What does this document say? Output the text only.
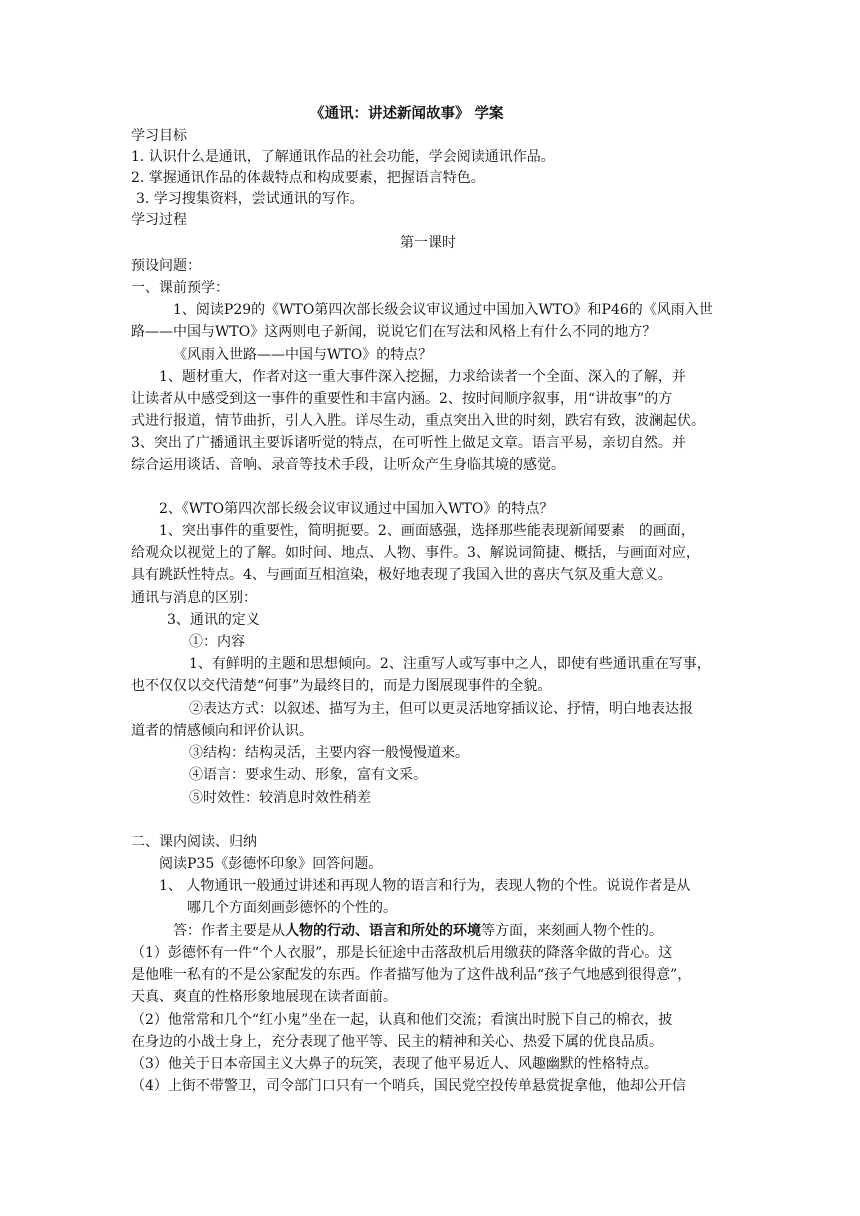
《通讯：讲述新闻故事》 学案

学习目标

1. 认识什么是通讯，了解通讯作品的社会功能，学会阅读通讯作品。

2. 掌握通讯作品的体裁特点和构成要素，把握语言特色。

3. 学习搜集资料，尝试通讯的写作。

学习过程

第一课时

预设问题：

一、课前预学：

1、阅读P29的《WTO第四次部长级会议审议通过中国加入WTO》和P46的《风雨入世

路——中国与WTO》这两则电子新闻，说说它们在写法和风格上有什么不同的地方？

《风雨入世路——中国与WTO》的特点？

1、题材重大，作者对这一重大事件深入挖掘，力求给读者一个全面、深入的了解，并

让读者从中感受到这一事件的重要性和丰富内涵。2、按时间顺序叙事，用“讲故事”的方

式进行报道，情节曲折，引人入胜。详尽生动，重点突出入世的时刻，跌宕有致，波澜起伏。

3、突出了广播通讯主要诉诸听觉的特点，在可听性上做足文章。语言平易，亲切自然。并

综合运用谈话、音响、录音等技术手段，让听众产生身临其境的感觉。

2、《WTO第四次部长级会议审议通过中国加入WTO》的特点？

1、突出事件的重要性，简明扼要。2、画面感强，选择那些能表现新闻要素　的画面，

给观众以视觉上的了解。如时间、地点、人物、事件。3、解说词简捷、概括，与画面对应，

具有跳跃性特点。4、与画面互相渲染，极好地表现了我国入世的喜庆气氛及重大意义。

通讯与消息的区别：

3、通讯的定义

①：内容

1、有鲜明的主题和思想倾向。2、注重写人或写事中之人，即使有些通讯重在写事，

也不仅仅以交代清楚“何事”为最终目的，而是力图展现事件的全貌。

②表达方式：以叙述、描写为主，但可以更灵活地穿插议论、抒情，明白地表达报

道者的情感倾向和评价认识。

③结构：结构灵活，主要内容一般慢慢道来。

④语言：要求生动、形象，富有文采。

⑤时效性：较消息时效性稍差

二、课内阅读、归纳

阅读P35《彭德怀印象》回答问题。

1、 人物通讯一般通过讲述和再现人物的语言和行为，表现人物的个性。说说作者是从

哪几个方面刻画彭德怀的个性的。

答：作者主要是从人物的行动、语言和所处的环境等方面，来刻画人物个性的。

（1）彭德怀有一件“个人衣服”，那是长征途中击落敌机后用缴获的降落伞做的背心。这

是他唯一私有的不是公家配发的东西。作者描写他为了这件战利品“孩子气地感到很得意”，

天真、爽直的性格形象地展现在读者面前。

（2）他常常和几个“红小鬼”坐在一起，认真和他们交流；看演出时脱下自己的棉衣，披

在身边的小战士身上，充分表现了他平等、民主的精神和关心、热爱下属的优良品质。

（3）他关于日本帝国主义大鼻子的玩笑，表现了他平易近人、风趣幽默的性格特点。

（4）上街不带警卫，司令部门口只有一个哨兵，国民党空投传单悬赏捉拿他，他却公开信
